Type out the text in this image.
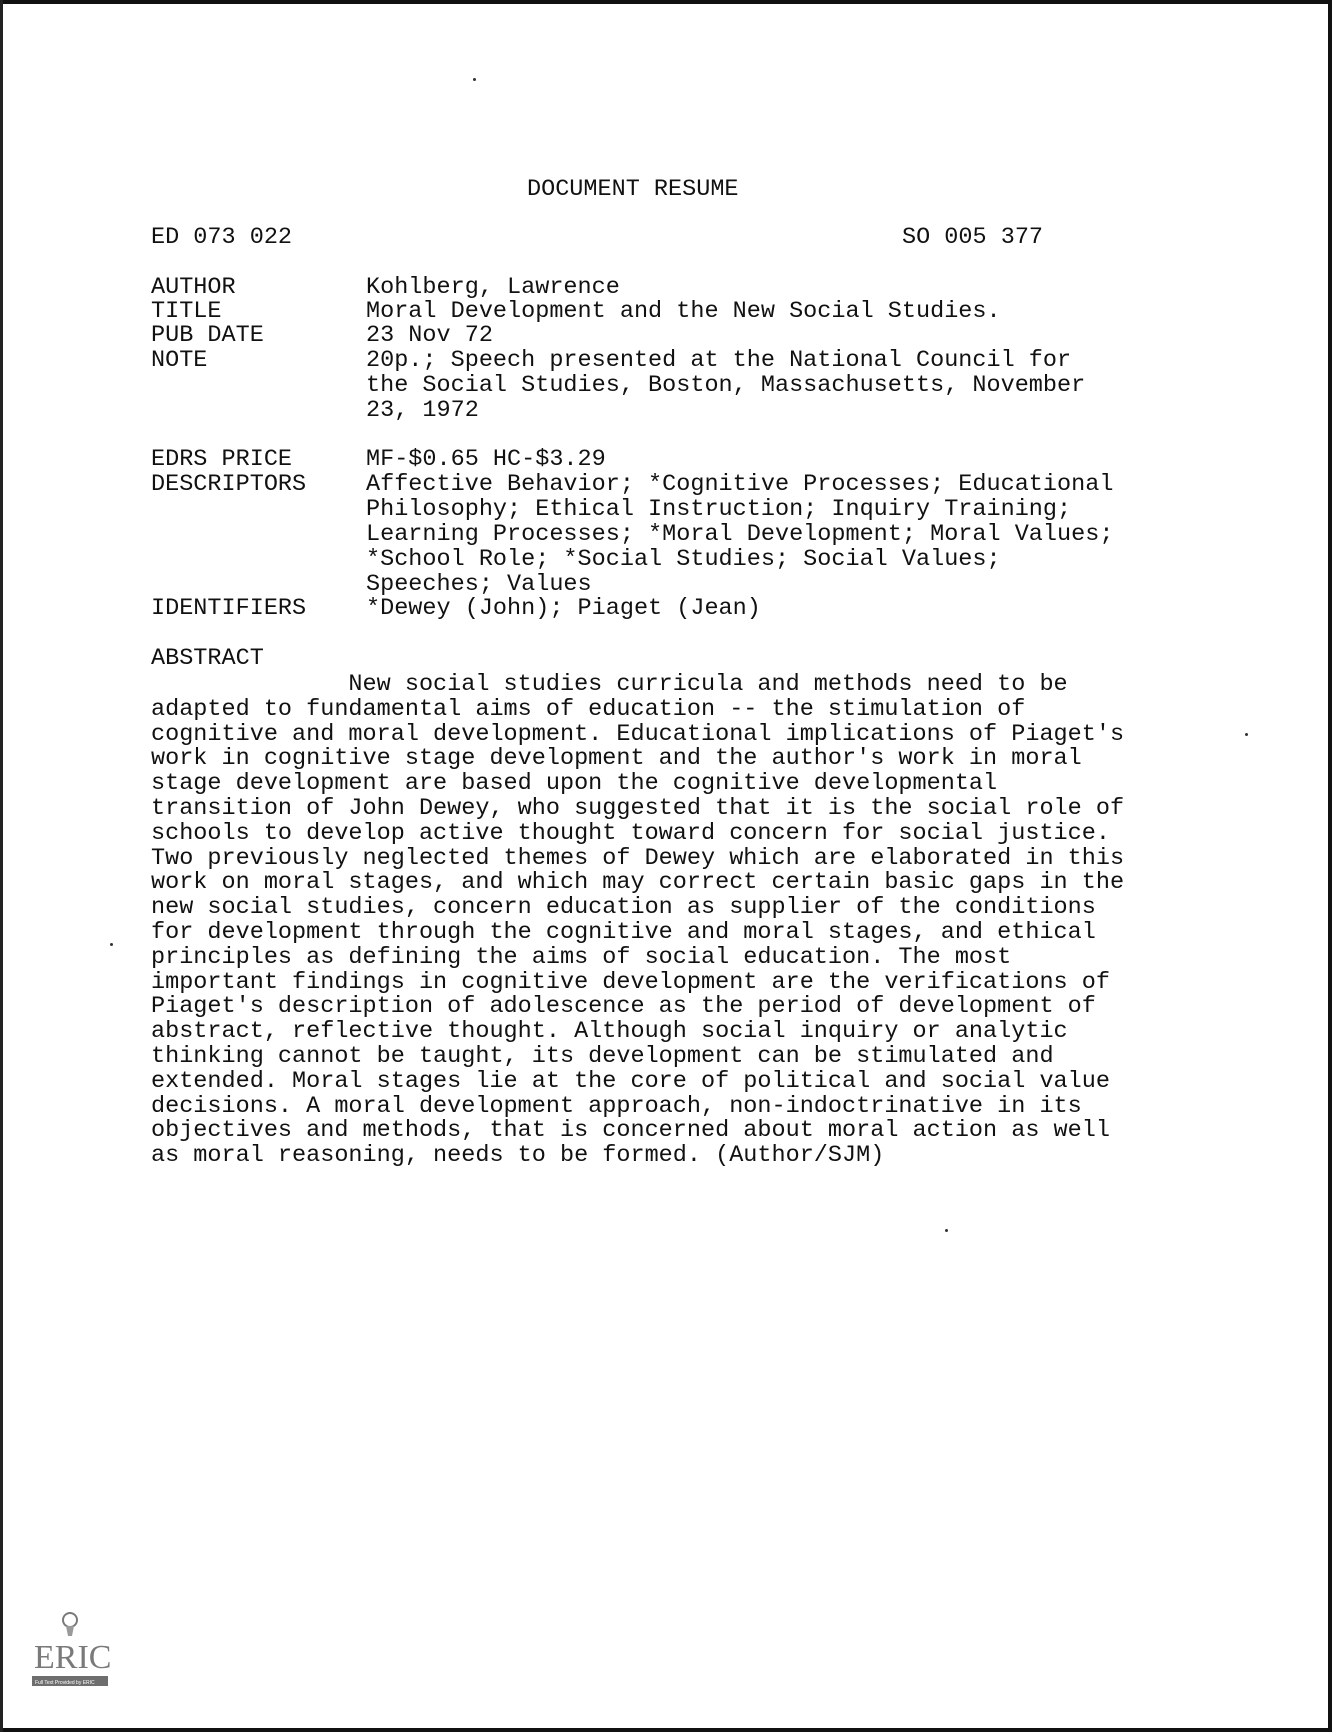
DOCUMENT RESUME
ED 073 022	SO 005 377
AUTHOR	Kohlberg, Lawrence
TITLE	Moral Development and the New Social Studies.
PUB DATE	23 Nov 72
NOTE	20p.; Speech presented at the National Council for
the Social Studies, Boston, Massachusetts, November
23, 1972
EDRS PRICE	MF-$0.65 HC-$3.29
DESCRIPTORS	Affective Behavior; *Cognitive Processes; Educational
Philosophy; Ethical Instruction; Inquiry Training;
Learning Processes; *Moral Development; Moral Values;
*School Role; *Social Studies; Social Values;
Speeches; Values
IDENTIFIERS	*Dewey (John); Piaget (Jean)
ABSTRACT
New social studies curricula and methods need to be
adapted to fundamental aims of education -- the stimulation of
cognitive and moral development. Educational implications of Piaget's
work in cognitive stage development and the author's work in moral
stage development are based upon the cognitive developmental
transition of John Dewey, who suggested that it is the social role of
schools to develop active thought toward concern for social justice.
Two previously neglected themes of Dewey which are elaborated in this
work on moral stages, and which may correct certain basic gaps in the
new social studies, concern education as supplier of the conditions
for development through the cognitive and moral stages, and ethical
principles as defining the aims of social education. The most
important findings in cognitive development are the verifications of
Piaget's description of adolescence as the period of development of
abstract, reflective thought. Although social inquiry or analytic
thinking cannot be taught, its development can be stimulated and
extended. Moral stages lie at the core of political and social value
decisions. A moral development approach, non-indoctrinative in its
objectives and methods, that is concerned about moral action as well
as moral reasoning, needs to be formed. (Author/SJM)
ERIC
Full Text Provided by ERIC
